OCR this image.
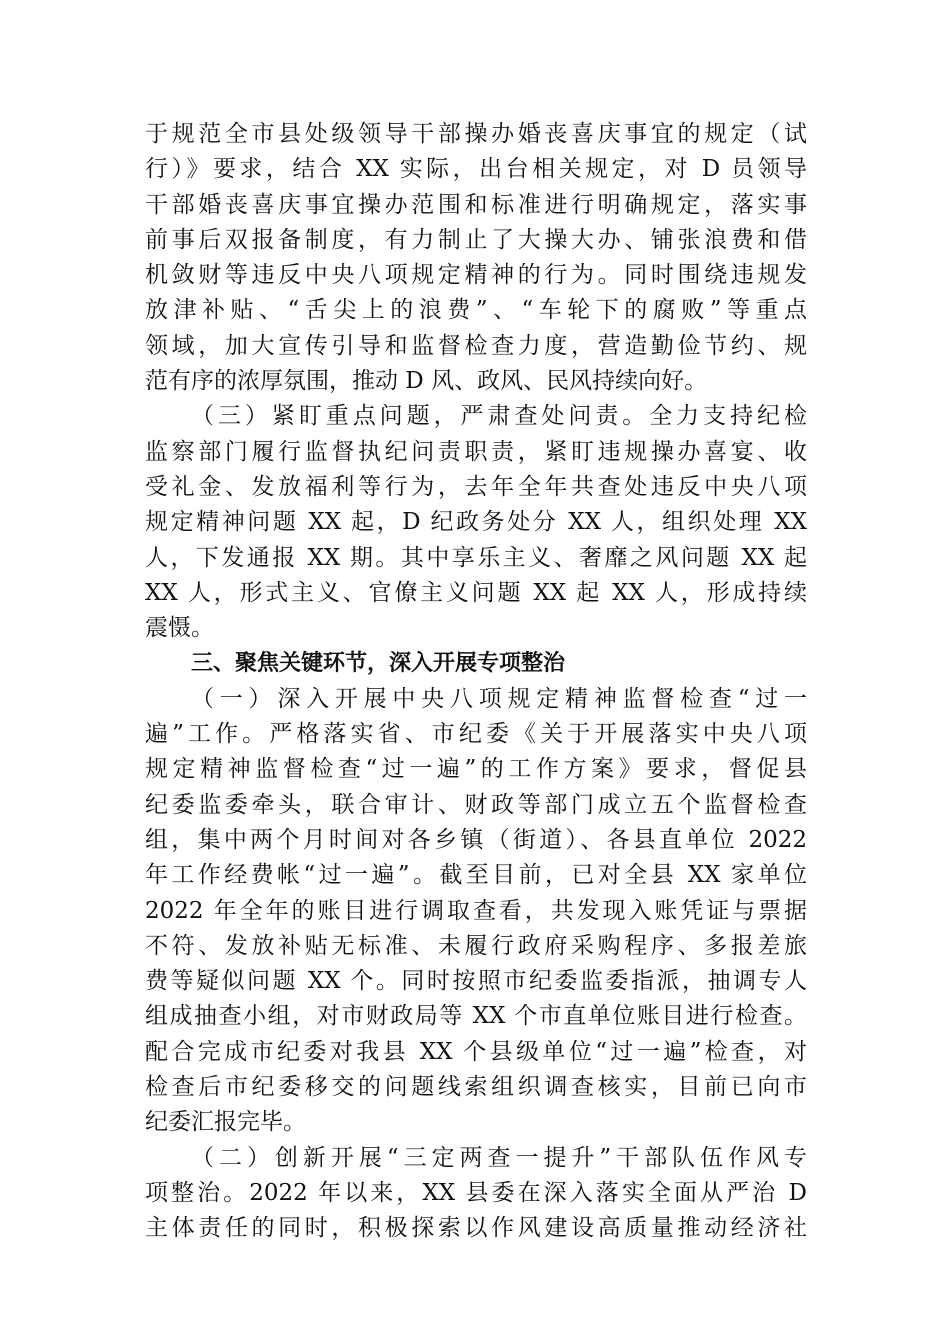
于规范全市县处级领导干部操办婚丧喜庆事宜的规定（试
行）》要求，结合 XX 实际，出台相关规定，对 D 员领导
干部婚丧喜庆事宜操办范围和标准进行明确规定，落实事
前事后双报备制度，有力制止了大操大办、铺张浪费和借
机敛财等违反中央八项规定精神的行为。同时围绕违规发
放津补贴、“舌尖上的浪费”、“车轮下的腐败”等重点
领域，加大宣传引导和监督检查力度，营造勤俭节约、规
范有序的浓厚氛围，推动 D 风、政风、民风持续向好。
（三）紧盯重点问题，严肃查处问责。全力支持纪检
监察部门履行监督执纪问责职责，紧盯违规操办喜宴、收
受礼金、发放福利等行为，去年全年共查处违反中央八项
规定精神问题 XX 起，D 纪政务处分 XX 人，组织处理 XX
人，下发通报 XX 期。其中享乐主义、奢靡之风问题 XX 起
XX 人，形式主义、官僚主义问题 XX 起 XX 人，形成持续
震慑。
三、聚焦关键环节，深入开展专项整治
（一）深入开展中央八项规定精神监督检查“过一
遍”工作。严格落实省、市纪委《关于开展落实中央八项
规定精神监督检查“过一遍”的工作方案》要求，督促县
纪委监委牵头，联合审计、财政等部门成立五个监督检查
组，集中两个月时间对各乡镇（街道）、各县直单位 2022
年工作经费帐“过一遍”。截至目前，已对全县 XX 家单位
2022 年全年的账目进行调取查看，共发现入账凭证与票据
不符、发放补贴无标准、未履行政府采购程序、多报差旅
费等疑似问题 XX 个。同时按照市纪委监委指派，抽调专人
组成抽查小组，对市财政局等 XX 个市直单位账目进行检查。
配合完成市纪委对我县 XX 个县级单位“过一遍”检查，对
检查后市纪委移交的问题线索组织调查核实，目前已向市
纪委汇报完毕。
（二）创新开展“三定两查一提升”干部队伍作风专
项整治。2022 年以来，XX 县委在深入落实全面从严治 D
主体责任的同时，积极探索以作风建设高质量推动经济社
